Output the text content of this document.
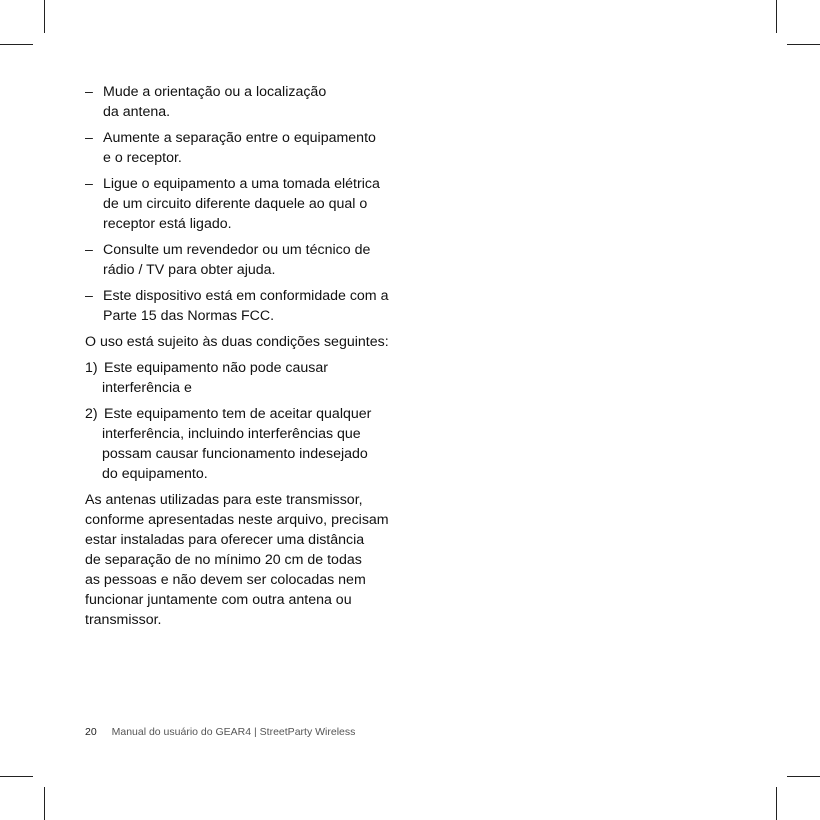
– Mude a orientação ou a localização

da antena.

– Aumente a separação entre o equipamento

e o receptor.

– Ligue o equipamento a uma tomada elétrica

de um circuito diferente daquele ao qual o

receptor está ligado.

– Consulte um revendedor ou um técnico de

rádio / TV para obter ajuda.

– Este dispositivo está em conformidade com a

Parte 15 das Normas FCC.

O uso está sujeito às duas condições seguintes:

1) Este equipamento não pode causar

interferência e

2) Este equipamento tem de aceitar qualquer

interferência, incluindo interferências que

possam causar funcionamento indesejado

do equipamento.

As antenas utilizadas para este transmissor,

conforme apresentadas neste arquivo, precisam

estar instaladas para oferecer uma distância

de separação de no mínimo 20 cm de todas

as pessoas e não devem ser colocadas nem

funcionar juntamente com outra antena ou

transmissor.

20 Manual do usuário do GEAR4 | StreetParty Wireless
